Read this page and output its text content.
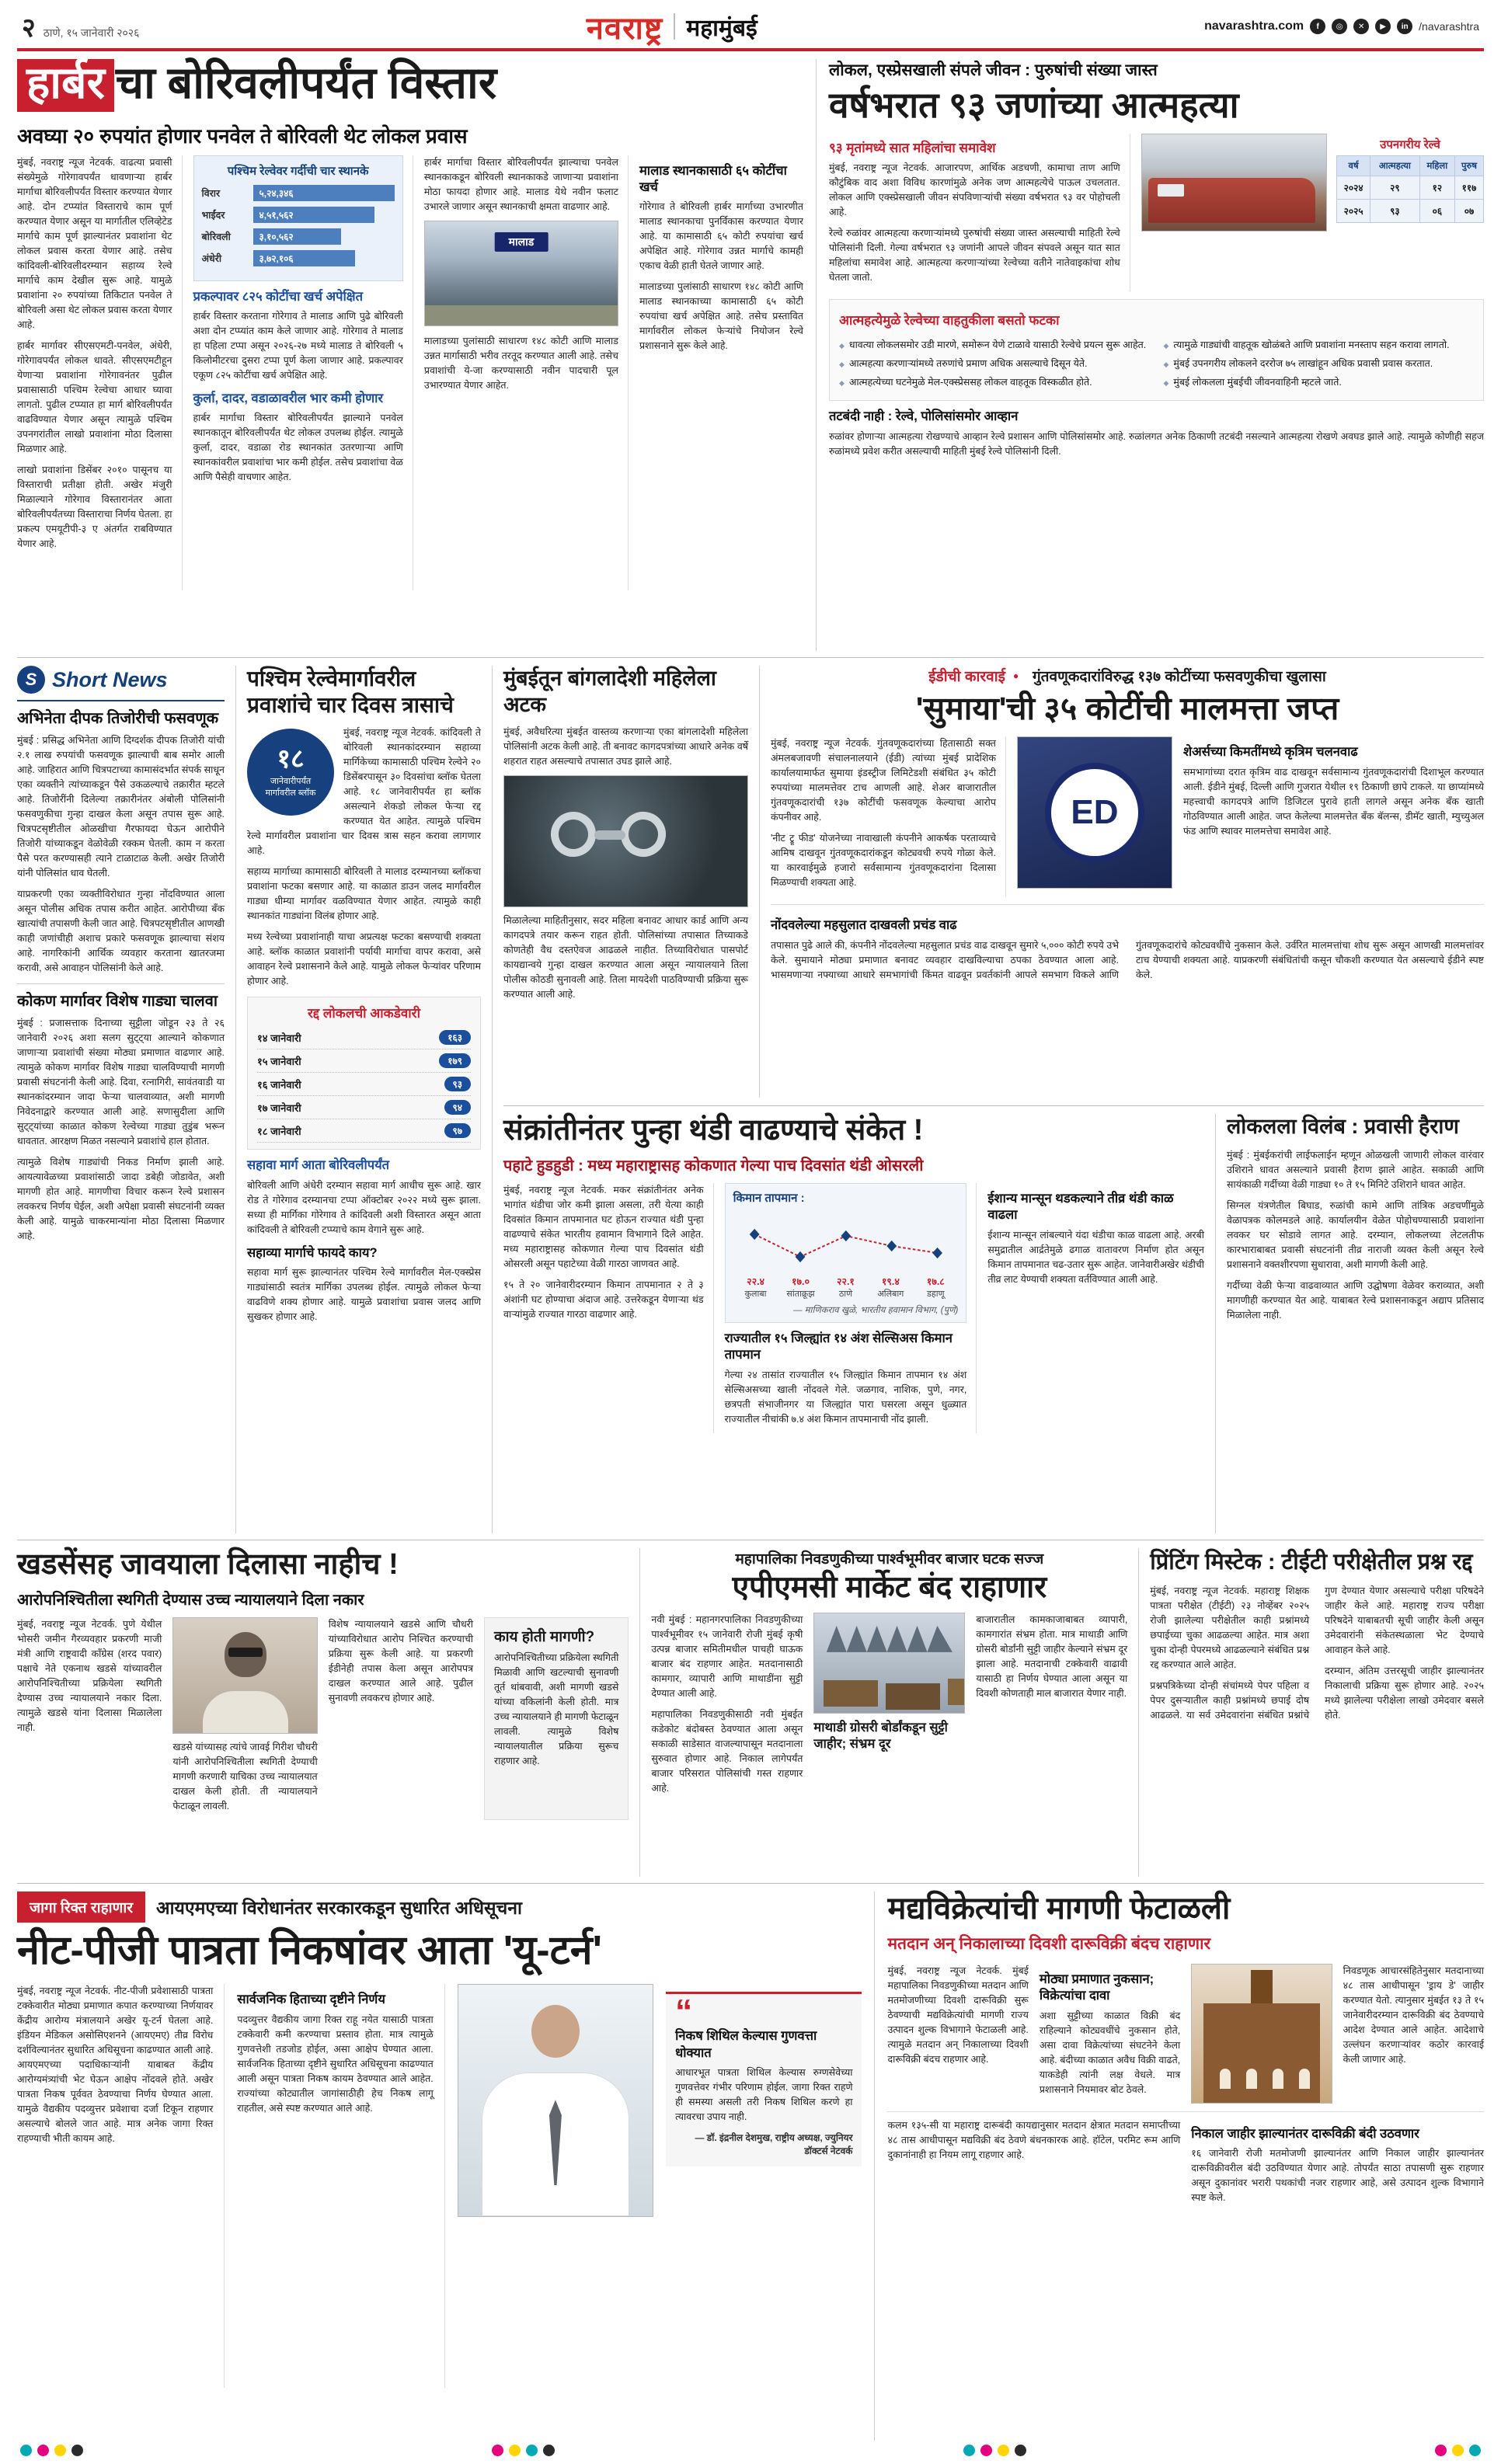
२ ठाणे, १५ जानेवारी २०२६	नवराष्ट्र महामुंबई	navarashtra.com	f	◎	✕	▶	in /navarashtra
हार्बर चा बोरिवलीपर्यंत विस्तार
अवघ्या २० रुपयांत होणार पनवेल ते बोरिवली थेट लोकल प्रवास

मुंबई, नवराष्ट्र न्यूज नेटवर्क. वाढत्या प्रवासी संख्येमुळे गोरेगावपर्यंत धावणाऱ्या हार्बर मार्गाचा बोरिवलीपर्यंत विस्तार करण्यात येणार आहे. दोन टप्प्यांत विस्ताराचे काम पूर्ण करण्यात येणार असून या मार्गातील एलिव्हेटेड मार्गाचे काम पूर्ण झाल्यानंतर प्रवाशांना थेट लोकल प्रवास करता येणार आहे. तसेच कांदिवली-बोरिवलीदरम्यान सहाय्य रेल्वे मार्गाचे काम देखील सुरू आहे. यामुळे प्रवाशांना २० रुपयांच्या तिकिटात पनवेल ते बोरिवली असा थेट लोकल प्रवास करता येणार आहे.

हार्बर मार्गावर सीएसएमटी-पनवेल, अंधेरी, गोरेगावपर्यंत लोकल धावते. सीएसएमटीहून येणाऱ्या प्रवाशांना गोरेगावनंतर पुढील प्रवासासाठी पश्चिम रेल्वेचा आधार घ्यावा लागतो. पुढील टप्प्यात हा मार्ग बोरिवलीपर्यंत वाढविण्यात येणार असून त्यामुळे पश्चिम उपनगरांतील लाखो प्रवाशांना मोठा दिलासा मिळणार आहे.

लाखो प्रवाशांना डिसेंबर २०१० पासूनच या विस्ताराची प्रतीक्षा होती. अखेर मंजुरी मिळाल्याने गोरेगाव विस्तारानंतर आता बोरिवलीपर्यंतच्या विस्ताराचा निर्णय घेतला. हा प्रकल्प एमयूटीपी-३ ए अंतर्गत राबविण्यात येणार आहे.

पश्चिम रेल्वेवर गर्दीची चार स्थानके
विरार	५,२४,३४६
भाईंदर	४,५१,५६२
बोरिवली	३,१०,५६२
अंधेरी	३,७२,१०६
प्रकल्पावर ८२५ कोटींचा खर्च अपेक्षित

हार्बर विस्तार करताना गोरेगाव ते मालाड आणि पुढे बोरिवली अशा दोन टप्प्यांत काम केले जाणार आहे. गोरेगाव ते मालाड हा पहिला टप्पा असून २०२६-२७ मध्ये मालाड ते बोरिवली ५ किलोमीटरचा दुसरा टप्पा पूर्ण केला जाणार आहे. प्रकल्पावर एकूण ८२५ कोटींचा खर्च अपेक्षित आहे.

कुर्ला, दादर, वडाळावरील भार कमी होणार

हार्बर मार्गाचा विस्तार बोरिवलीपर्यंत झाल्याने पनवेल स्थानकातून बोरिवलीपर्यंत थेट लोकल उपलब्ध होईल. त्यामुळे कुर्ला, दादर, वडाळा रोड स्थानकांत उतरणाऱ्या आणि स्थानकांवरील प्रवाशांचा भार कमी होईल. तसेच प्रवाशांचा वेळ आणि पैसेही वाचणार आहेत.

हार्बर मार्गाचा विस्तार बोरिवलीपर्यंत झाल्याचा पनवेल स्थानकाकडून बोरिवली स्थानकाकडे जाणाऱ्या प्रवाशांना मोठा फायदा होणार आहे. मालाड येथे नवीन फलाट उभारले जाणार असून स्थानकाची क्षमता वाढणार आहे.

मालाड

मालाडच्या पुलांसाठी साधारण १४८ कोटी आणि मालाड उन्नत मार्गासाठी भरीव तरतूद करण्यात आली आहे. तसेच प्रवाशांची ये-जा करण्यासाठी नवीन पादचारी पूल उभारण्यात येणार आहेत.

मालाड स्थानकासाठी ६५ कोटींचा खर्च

गोरेगाव ते बोरिवली हार्बर मार्गाच्या उभारणीत मालाड स्थानकाचा पुनर्विकास करण्यात येणार आहे. या कामासाठी ६५ कोटी रुपयांचा खर्च अपेक्षित आहे. गोरेगाव उन्नत मार्गाचे कामही एकाच वेळी हाती घेतले जाणार आहे.

मालाडच्या पुलांसाठी साधारण १४८ कोटी आणि मालाड स्थानकाच्या कामासाठी ६५ कोटी रुपयांचा खर्च अपेक्षित आहे. तसेच प्रस्तावित मार्गावरील लोकल फेऱ्यांचे नियोजन रेल्वे प्रशासनाने सुरू केले आहे.

लोकल, एस्प्रेसखाली संपले जीवन : पुरुषांची संख्या जास्त
वर्षभरात ९३ जणांच्या आत्महत्या
९३ मृतांमध्ये सात महिलांचा समावेश

मुंबई, नवराष्ट्र न्यूज नेटवर्क. आजारपण, आर्थिक अडचणी, कामाचा ताण आणि कौटुंबिक वाद अशा विविध कारणांमुळे अनेक जण आत्महत्येचे पाऊल उचलतात. लोकल आणि एक्स्प्रेसखाली जीवन संपविणाऱ्यांची संख्या वर्षभरात ९३ वर पोहोचली आहे.

रेल्वे रुळांवर आत्महत्या करणाऱ्यांमध्ये पुरुषांची संख्या जास्त असल्याची माहिती रेल्वे पोलिसांनी दिली. गेल्या वर्षभरात ९३ जणांनी आपले जीवन संपवले असून यात सात महिलांचा समावेश आहे. आत्महत्या करणाऱ्यांच्या रेल्वेच्या वतीने नातेवाइकांचा शोध घेतला जातो.

उपनगरीय रेल्वे
वर्ष	आत्महत्या	महिला	पुरुष
२०२४	२९	१२	११७
२०२५	९३	०६	०७
आत्महत्येमुळे रेल्वेच्या वाहतुकीला बसतो फटका
◆ धावत्या लोकलसमोर उडी मारणे, समोरून येणे टाळावे यासाठी रेल्वेचे प्रयत्न सुरू आहेत.
◆ आत्महत्या करणाऱ्यांमध्ये तरुणांचे प्रमाण अधिक असल्याचे दिसून येते.
◆ आत्महत्येच्या घटनेमुळे मेल-एक्स्प्रेससह लोकल वाहतूक विस्कळीत होते.
◆ त्यामुळे गाड्यांची वाहतूक खोळंबते आणि प्रवाशांना मनस्ताप सहन करावा लागतो.
◆ मुंबई उपनगरीय लोकलने दररोज ७५ लाखांहून अधिक प्रवासी प्रवास करतात.
◆ मुंबई लोकलला मुंबईची जीवनवाहिनी म्हटले जाते.
तटबंदी नाही : रेल्वे, पोलिसांसमोर आव्हान

रुळांवर होणाऱ्या आत्महत्या रोखण्याचे आव्हान रेल्वे प्रशासन आणि पोलिसांसमोर आहे. रुळांलगत अनेक ठिकाणी तटबंदी नसल्याने आत्महत्या रोखणे अवघड झाले आहे. त्यामुळे कोणीही सहज रुळांमध्ये प्रवेश करीत असल्याची माहिती मुंबई रेल्वे पोलिसांनी दिली.

S Short News
अभिनेता दीपक तिजोरीची फसवणूक

मुंबई : प्रसिद्ध अभिनेता आणि दिग्दर्शक दीपक तिजोरी यांची २.१ लाख रुपयांची फसवणूक झाल्याची बाब समोर आली आहे. जाहिरात आणि चित्रपटाच्या कामासंदर्भात संपर्क साधून एका व्यक्तीने त्यांच्याकडून पैसे उकळल्याचे तक्रारीत म्हटले आहे. तिजोरींनी दिलेल्या तक्रारीनंतर अंबोली पोलिसांनी फसवणुकीचा गुन्हा दाखल केला असून तपास सुरू आहे. चित्रपटसृष्टीतील ओळखीचा गैरफायदा घेऊन आरोपीने तिजोरी यांच्याकडून वेळोवेळी रक्कम घेतली. काम न करता पैसे परत करण्यासही त्याने टाळाटाळ केली. अखेर तिजोरी यांनी पोलिसांत धाव घेतली.

याप्रकरणी एका व्यक्तीविरोधात गुन्हा नोंदविण्यात आला असून पोलीस अधिक तपास करीत आहेत. आरोपीच्या बँक खात्यांची तपासणी केली जात आहे. चित्रपटसृष्टीतील आणखी काही जणांचीही अशाच प्रकारे फसवणूक झाल्याचा संशय आहे. नागरिकांनी आर्थिक व्यवहार करताना खातरजमा करावी, असे आवाहन पोलिसांनी केले आहे.

कोकण मार्गावर विशेष गाड्या चालवा

मुंबई : प्रजासत्ताक दिनाच्या सुट्टीला जोडून २३ ते २६ जानेवारी २०२६ अशा सलग सुट्ट्या आल्याने कोकणात जाणाऱ्या प्रवाशांची संख्या मोठ्या प्रमाणात वाढणार आहे. त्यामुळे कोकण मार्गावर विशेष गाड्या चालविण्याची मागणी प्रवासी संघटनांनी केली आहे. दिवा, रत्नागिरी, सावंतवाडी या स्थानकांदरम्यान जादा फेऱ्या चालवाव्यात, अशी मागणी निवेदनाद्वारे करण्यात आली आहे. सणासुदीला आणि सुट्ट्यांच्या काळात कोकण रेल्वेच्या गाड्या तुडुंब भरून धावतात. आरक्षण मिळत नसल्याने प्रवाशांचे हाल होतात.

त्यामुळे विशेष गाड्यांची निकड निर्माण झाली आहे. आयत्यावेळच्या प्रवाशांसाठी जादा डबेही जोडावेत, अशी मागणी होत आहे. मागणीचा विचार करून रेल्वे प्रशासन लवकरच निर्णय घेईल, अशी अपेक्षा प्रवासी संघटनांनी व्यक्त केली आहे. यामुळे चाकरमान्यांना मोठा दिलासा मिळणार आहे.

पश्चिम रेल्वेमार्गावरील प्रवाशांचे चार दिवस त्रासाचे
१८
जानेवारीपर्यंत मार्गावरील ब्लॉक

मुंबई, नवराष्ट्र न्यूज नेटवर्क. कांदिवली ते बोरिवली स्थानकांदरम्यान सहाव्या मार्गिकेच्या कामासाठी पश्चिम रेल्वेने २० डिसेंबरपासून ३० दिवसांचा ब्लॉक घेतला आहे. १८ जानेवारीपर्यंत हा ब्लॉक असल्याने शेकडो लोकल फेऱ्या रद्द करण्यात येत आहेत. त्यामुळे पश्चिम रेल्वे मार्गावरील प्रवाशांना चार दिवस त्रास सहन करावा लागणार आहे.

सहाय्य मार्गाच्या कामासाठी बोरिवली ते मालाड दरम्यानच्या ब्लॉकचा प्रवाशांना फटका बसणार आहे. या काळात डाउन जलद मार्गावरील गाड्या धीम्या मार्गावर वळविण्यात येणार आहेत. त्यामुळे काही स्थानकांत गाड्यांना विलंब होणार आहे.

मध्य रेल्वेच्या प्रवाशांनाही याचा अप्रत्यक्ष फटका बसण्याची शक्यता आहे. ब्लॉक काळात प्रवाशांनी पर्यायी मार्गाचा वापर करावा, असे आवाहन रेल्वे प्रशासनाने केले आहे. यामुळे लोकल फेऱ्यांवर परिणाम होणार आहे.

रद्द लोकलची आकडेवारी
१४ जानेवारी	१६३
१५ जानेवारी	१७९
१६ जानेवारी	९३
१७ जानेवारी	९४
१८ जानेवारी	९७
सहावा मार्ग आता बोरिवलीपर्यंत

बोरिवली आणि अंधेरी दरम्यान सहावा मार्ग आधीच सुरू आहे. खार रोड ते गोरेगाव दरम्यानचा टप्पा ऑक्टोबर २०२२ मध्ये सुरू झाला. सध्या ही मार्गिका गोरेगाव ते कांदिवली अशी विस्तारत असून आता कांदिवली ते बोरिवली टप्प्याचे काम वेगाने सुरू आहे.

सहाव्या मार्गाचे फायदे काय?

सहावा मार्ग सुरू झाल्यानंतर पश्चिम रेल्वे मार्गावरील मेल-एक्स्प्रेस गाड्यांसाठी स्वतंत्र मार्गिका उपलब्ध होईल. त्यामुळे लोकल फेऱ्या वाढविणे शक्य होणार आहे. यामुळे प्रवाशांचा प्रवास जलद आणि सुखकर होणार आहे.

मुंबईतून बांगलादेशी महिलेला अटक

मुंबई, अवैधरित्या मुंबईत वास्तव्य करणाऱ्या एका बांगलादेशी महिलेला पोलिसांनी अटक केली आहे. ती बनावट कागदपत्रांच्या आधारे अनेक वर्षे शहरात राहत असल्याचे तपासात उघड झाले आहे.

मिळालेल्या माहितीनुसार, सदर महिला बनावट आधार कार्ड आणि अन्य कागदपत्रे तयार करून राहत होती. पोलिसांच्या तपासात तिच्याकडे कोणतेही वैध दस्तऐवज आढळले नाहीत. तिच्याविरोधात पासपोर्ट कायद्यान्वये गुन्हा दाखल करण्यात आला असून न्यायालयाने तिला पोलीस कोठडी सुनावली आहे. तिला मायदेशी पाठविण्याची प्रक्रिया सुरू करण्यात आली आहे.

ईडीची कारवाई ● गुंतवणूकदारांविरुद्ध १३७ कोटींच्या फसवणुकीचा खुलासा
'सुमाया'ची ३५ कोटींची मालमत्ता जप्त

मुंबई, नवराष्ट्र न्यूज नेटवर्क. गुंतवणूकदारांच्या हितासाठी सक्त अंमलबजावणी संचालनालयाने (ईडी) त्यांच्या मुंबई प्रादेशिक कार्यालयामार्फत सुमाया इंडस्ट्रीज लिमिटेडशी संबंधित ३५ कोटी रुपयांच्या मालमत्तेवर टाच आणली आहे. शेअर बाजारातील गुंतवणूकदारांची १३७ कोटींची फसवणूक केल्याचा आरोप कंपनीवर आहे.

'नीट ट्रू फीड' योजनेच्या नावाखाली कंपनीने आकर्षक परताव्याचे आमिष दाखवून गुंतवणूकदारांकडून कोट्यवधी रुपये गोळा केले. या कारवाईमुळे हजारो सर्वसामान्य गुंतवणूकदारांना दिलासा मिळण्याची शक्यता आहे.

ED
शेअर्सच्या किमतींमध्ये कृत्रिम चलनवाढ

समभागांच्या दरात कृत्रिम वाढ दाखवून सर्वसामान्य गुंतवणूकदारांची दिशाभूल करण्यात आली. ईडीने मुंबई, दिल्ली आणि गुजरात येथील १९ ठिकाणी छापे टाकले. या छाप्यांमध्ये महत्त्वाची कागदपत्रे आणि डिजिटल पुरावे हाती लागले असून अनेक बँक खाती गोठविण्यात आली आहेत. जप्त केलेल्या मालमत्तेत बँक बॅलन्स, डीमॅट खाती, म्युच्युअल फंड आणि स्थावर मालमत्तेचा समावेश आहे.

नोंदवलेल्या महसुलात दाखवली प्रचंड वाढ

तपासात पुढे आले की, कंपनीने नोंदवलेल्या महसुलात प्रचंड वाढ दाखवून सुमारे ५,००० कोटी रुपये उभे केले. सुमायाने मोठ्या प्रमाणात बनावट व्यवहार दाखविल्याचा ठपका ठेवण्यात आला आहे. भासमणाऱ्या नफ्याच्या आधारे समभागांची किंमत वाढवून प्रवर्तकांनी आपले समभाग विकले आणि गुंतवणूकदारांचे कोट्यवधींचे नुकसान केले. उर्वरित मालमत्तांचा शोध सुरू असून आणखी मालमत्तांवर टाच येण्याची शक्यता आहे. याप्रकरणी संबंधितांची कसून चौकशी करण्यात येत असल्याचे ईडीने स्पष्ट केले.

संक्रांतीनंतर पुन्हा थंडी वाढण्याचे संकेत !
पहाटे हुडहुडी : मध्य महाराष्ट्रासह कोकणात गेल्या पाच दिवसांत थंडी ओसरली

मुंबई, नवराष्ट्र न्यूज नेटवर्क. मकर संक्रांतीनंतर अनेक भागांत थंडीचा जोर कमी झाला असला, तरी येत्या काही दिवसांत किमान तापमानात घट होऊन राज्यात थंडी पुन्हा वाढण्याचे संकेत भारतीय हवामान विभागाने दिले आहेत. मध्य महाराष्ट्रासह कोकणात गेल्या पाच दिवसांत थंडी ओसरली असून पहाटेच्या वेळी गारठा जाणवत आहे.

१५ ते २० जानेवारीदरम्यान किमान तापमानात २ ते ३ अंशांनी घट होण्याचा अंदाज आहे. उत्तरेकडून येणाऱ्या थंड वाऱ्यांमुळे राज्यात गारठा वाढणार आहे.

किमान तापमान :
२२.४
कुलाबा
१७.०
सांताक्रूझ
२२.१
ठाणे
१९.४
अलिबाग
१७.८
डहाणू
— माणिकराव खुळे, भारतीय हवामान विभाग, (पुणे)
राज्यातील १५ जिल्ह्यांत १४ अंश सेल्सिअस किमान तापमान

गेल्या २४ तासांत राज्यातील १५ जिल्ह्यांत किमान तापमान १४ अंश सेल्सिअसच्या खाली नोंदवले गेले. जळगाव, नाशिक, पुणे, नगर, छत्रपती संभाजीनगर या जिल्ह्यांत पारा घसरला असून धुळ्यात राज्यातील नीचांकी ७.४ अंश किमान तापमानाची नोंद झाली.

ईशान्य मान्सून थडकल्याने तीव्र थंडी काळ वाढला

ईशान्य मान्सून लांबल्याने यंदा थंडीचा काळ वाढला आहे. अरबी समुद्रातील आर्द्रतेमुळे ढगाळ वातावरण निर्माण होत असून किमान तापमानात चढ-उतार सुरू आहेत. जानेवारीअखेर थंडीची तीव्र लाट येण्याची शक्यता वर्तविण्यात आली आहे.

लोकलला विलंब : प्रवासी हैराण

मुंबई : मुंबईकरांची लाईफलाईन म्हणून ओळखली जाणारी लोकल वारंवार उशिराने धावत असल्याने प्रवासी हैराण झाले आहेत. सकाळी आणि सायंकाळी गर्दीच्या वेळी गाड्या १० ते १५ मिनिटे उशिराने धावत आहेत.

सिग्नल यंत्रणेतील बिघाड, रुळांची कामे आणि तांत्रिक अडचणींमुळे वेळापत्रक कोलमडले आहे. कार्यालयीन वेळेत पोहोचण्यासाठी प्रवाशांना लवकर घर सोडावे लागत आहे. दरम्यान, लोकलच्या लेटलतीफ कारभ‍ाराबाबत प्रवासी संघटनांनी तीव्र नाराजी व्यक्त केली असून रेल्वे प्रशासनाने वक्तशीरपणा सुधारावा, अशी मागणी केली आहे.

गर्दीच्या वेळी फेऱ्या वाढवाव्यात आणि उद्घोषणा वेळेवर कराव्यात, अशी मागणीही करण्यात येत आहे. याबाबत रेल्वे प्रशासनाकडून अद्याप प्रतिसाद मिळालेला नाही.

खडसेंसह जावयाला दिलासा नाहीच !
आरोपनिश्चितीला स्थगिती देण्यास उच्च न्यायालयाने दिला नकार

मुंबई, नवराष्ट्र न्यूज नेटवर्क. पुणे येथील भोसरी जमीन गैरव्यवहार प्रकरणी माजी मंत्री आणि राष्ट्रवादी काँग्रेस (शरद पवार) पक्षाचे नेते एकनाथ खडसे यांच्यावरील आरोपनिश्चितीच्या प्रक्रियेला स्थगिती देण्यास उच्च न्यायालयाने नकार दिला. त्यामुळे खडसे यांना दिलासा मिळालेला नाही.

खडसे यांच्यासह त्यांचे जावई गिरीश चौधरी यांनी आरोपनिश्चितीला स्थगिती देण्याची मागणी करणारी याचिका उच्च न्यायालयात दाखल केली होती. ती न्यायालयाने फेटाळून लावली.

विशेष न्यायालयाने खडसे आणि चौधरी यांच्याविरोधात आरोप निश्चित करण्याची प्रक्रिया सुरू केली आहे. या प्रकरणी ईडीनेही तपास केला असून आरोपपत्र दाखल करण्यात आले आहे. पुढील सुनावणी लवकरच होणार आहे.

काय होती मागणी?

आरोपनिश्चितीच्या प्रक्रियेला स्थगिती मिळावी आणि खटल्याची सुनावणी तूर्त थांबवावी, अशी मागणी खडसे यांच्या वकिलांनी केली होती. मात्र उच्च न्यायालयाने ही मागणी फेटाळून लावली. त्यामुळे विशेष न्यायालयातील प्रक्रिया सुरूच राहणार आहे.

महापालिका निवडणुकीच्या पार्श्वभूमीवर बाजार घटक सज्ज
एपीएमसी मार्केट बंद राहाणार

नवी मुंबई : महानगरपालिका निवडणुकीच्या पार्श्वभूमीवर १५ जानेवारी रोजी मुंबई कृषी उत्पन्न बाजार समितीमधील पाचही घाऊक बाजार बंद राहणार आहेत. मतदानासाठी कामगार, व्यापारी आणि माथाडींना सुट्टी देण्यात आली आहे.

महापालिका निवडणुकीसाठी नवी मुंबईत कडेकोट बंदोबस्त ठेवण्यात आला असून सकाळी साडेसात वाजल्यापासून मतदानाला सुरुवात होणार आहे. निकाल लागेपर्यंत बाजार परिसरात पोलिसांची गस्त राहणार आहे.

माथाडी ग्रोसरी बोर्डांकडून सुट्टी जाहीर; संभ्रम दूर

बाजारातील कामकाजाबाबत व्यापारी, कामगारांत संभ्रम होता. मात्र माथाडी आणि ग्रोसरी बोर्डांनी सुट्टी जाहीर केल्याने संभ्रम दूर झाला आहे. मतदानाची टक्केवारी वाढावी यासाठी हा निर्णय घेण्यात आला असून या दिवशी कोणताही माल बाजारात येणार नाही.

प्रिंटिंग मिस्टेक : टीईटी परीक्षेतील प्रश्न रद्द

मुंबई, नवराष्ट्र न्यूज नेटवर्क. महाराष्ट्र शिक्षक पात्रता परीक्षेत (टीईटी) २३ नोव्हेंबर २०२५ रोजी झालेल्या परीक्षेतील काही प्रश्नांमध्ये छपाईच्या चुका आढळल्या आहेत. मात्र अशा चुका दोन्ही पेपरमध्ये आढळल्याने संबंधित प्रश्न रद्द करण्यात आले आहेत.

प्रश्नपत्रिकेच्या दोन्ही संचांमध्ये पेपर पहिला व पेपर दुसऱ्यातील काही प्रश्नांमध्ये छपाई दोष आढळले. या सर्व उमेदवारांना संबंधित प्रश्नांचे गुण देण्यात येणार असल्याचे परीक्षा परिषदेने जाहीर केले आहे. महाराष्ट्र राज्य परीक्षा परिषदेने याबाबतची सूची जाहीर केली असून उमेदवारांनी संकेतस्थळाला भेट देण्याचे आवाहन केले आहे.

दरम्यान, अंतिम उत्तरसूची जाहीर झाल्यानंतर निकालाची प्रक्रिया सुरू होणार आहे. २०२५ मध्ये झालेल्या परीक्षेला लाखो उमेदवार बसले होते.

जागा रिक्त राहाणार	आयएमएच्या विरोधानंतर सरकारकडून सुधारित अधिसूचना
नीट-पीजी पात्रता निकषांवर आता 'यू-टर्न'

मुंबई, नवराष्ट्र न्यूज नेटवर्क. नीट-पीजी प्रवेशासाठी पात्रता टक्केवारीत मोठ्या प्रमाणात कपात करण्याच्या निर्णयावर केंद्रीय आरोग्य मंत्रालयाने अखेर यू-टर्न घेतला आहे. इंडियन मेडिकल असोसिएशनने (आयएमए) तीव्र विरोध दर्शविल्यानंतर सुधारित अधिसूचना काढण्यात आली आहे. आयएमएच्या पदाधिकाऱ्यांनी याबाबत केंद्रीय आरोग्यमंत्र्यांची भेट घेऊन आक्षेप नोंदवले होते. अखेर पात्रता निकष पूर्ववत ठेवण्याचा निर्णय घेण्यात आला. यामुळे वैद्यकीय पदव्युत्तर प्रवेशाचा दर्जा टिकून राहणार असल्याचे बोलले जात आहे. मात्र अनेक जागा रिक्त राहण्याची भीती कायम आहे.

सार्वजनिक हिताच्या दृष्टीने निर्णय

पदव्युत्तर वैद्यकीय जागा रिक्त राहू नयेत यासाठी पात्रता टक्केवारी कमी करण्याचा प्रस्ताव होता. मात्र त्यामुळे गुणवत्तेशी तडजोड होईल, असा आक्षेप घेण्यात आला. सार्वजनिक हिताच्या दृष्टीने सुधारित अधिसूचना काढण्यात आली असून पात्रता निकष कायम ठेवण्यात आले आहेत. राज्यांच्या कोट्यातील जागांसाठीही हेच निकष लागू राहतील, असे स्पष्ट करण्यात आले आहे.

“
निकष शिथिल केल्यास गुणवत्ता धोक्यात

आधारभूत पात्रता शिथिल केल्यास रुग्णसेवेच्या गुणवत्तेवर गंभीर परिणाम होईल. जागा रिक्त राहणे ही समस्या असली तरी निकष शिथिल करणे हा त्यावरचा उपाय नाही.

— डॉ. इंद्रनील देशमुख, राष्ट्रीय अध्यक्ष, ज्युनियर डॉक्टर्स नेटवर्क
मद्यविक्रेत्यांची मागणी फेटाळली
मतदान अन् निकालाच्या दिवशी दारूविक्री बंदच राहाणार

मुंबई, नवराष्ट्र न्यूज नेटवर्क. मुंबई महापालिका निवडणुकीच्या मतदान आणि मतमोजणीच्या दिवशी दारूविक्री सुरू ठेवण्याची मद्यविक्रेत्यांची मागणी राज्य उत्पादन शुल्क विभागाने फेटाळली आहे. त्यामुळे मतदान अन् निकालाच्या दिवशी दारूविक्री बंदच राहणार आहे.

मोठ्या प्रमाणात नुकसान; विक्रेत्यांचा दावा

अशा सुट्टीच्या काळात विक्री बंद राहिल्याने कोट्यवधींचे नुकसान होते, असा दावा विक्रेत्यांच्या संघटनेने केला आहे. बंदीच्या काळात अवैध विक्री वाढते, याकडेही त्यांनी लक्ष वेधले. मात्र प्रशासनाने नियमावर बोट ठेवले.

निवडणूक आचारसंहितेनुसार मतदानाच्या ४८ तास आधीपासून 'ड्राय डे' जाहीर करण्यात येतो. त्यानुसार मुंबईत १३ ते १५ जानेवारीदरम्यान दारूविक्री बंद ठेवण्याचे आदेश देण्यात आले आहेत. आदेशाचे उल्लंघन करणाऱ्यांवर कठोर कारवाई केली जाणार आहे.

कलम १३५-सी या महाराष्ट्र दारूबंदी कायद्यानुसार मतदान क्षेत्रात मतदान समाप्तीच्या ४८ तास आधीपासून मद्यविक्री बंद ठेवणे बंधनकारक आहे. हॉटेल, परमिट रूम आणि दुकानांनाही हा नियम लागू राहणार आहे.

निकाल जाहीर झाल्यानंतर दारूविक्री बंदी उठवणार

१६ जानेवारी रोजी मतमोजणी झाल्यानंतर आणि निकाल जाहीर झाल्यानंतर दारूविक्रीवरील बंदी उठविण्यात येणार आहे. तोपर्यंत साठा तपासणी सुरू राहणार असून दुकानांवर भरारी पथकांची नजर राहणार आहे, असे उत्पादन शुल्क विभागाने स्पष्ट केले.
